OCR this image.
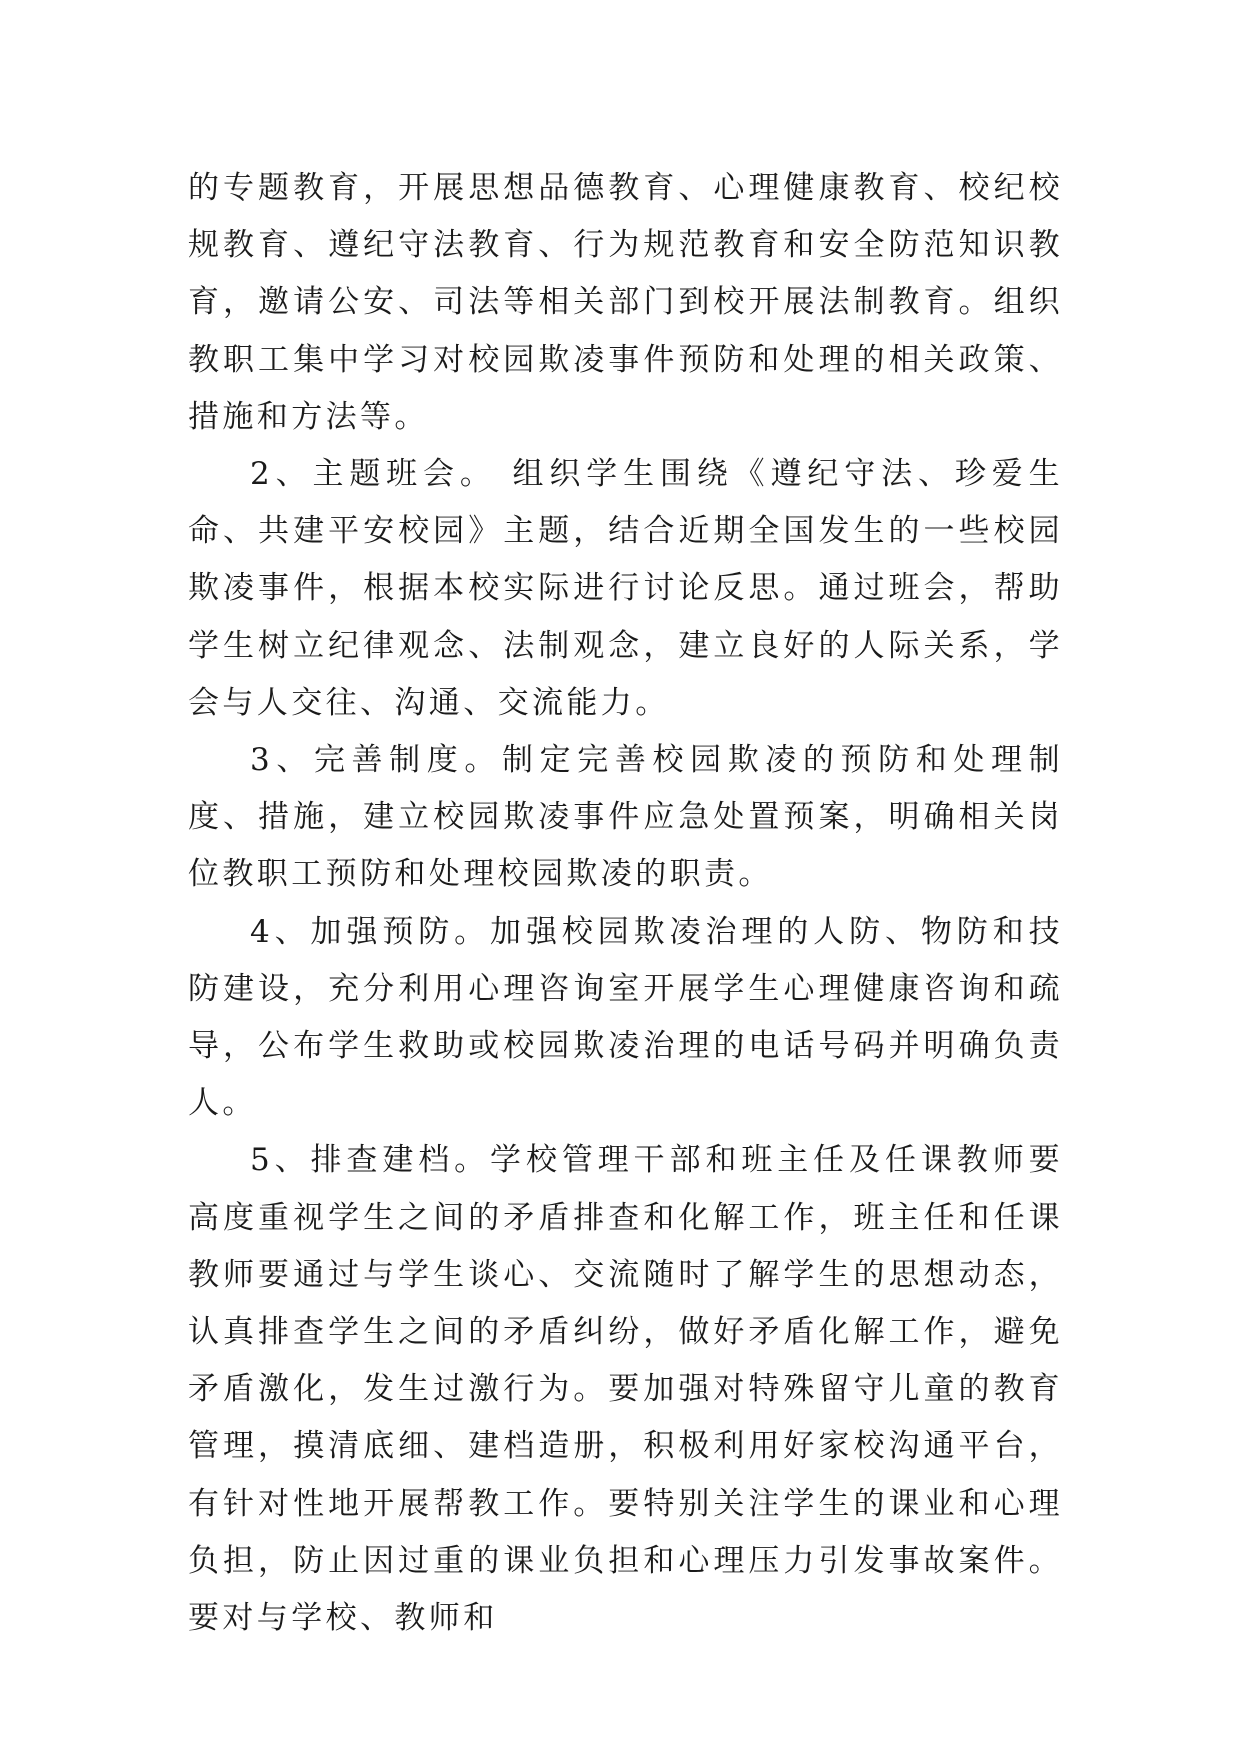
的专题教育，开展思想品德教育、心理健康教育、校纪校规教育、遵纪守法教育、行为规范教育和安全防范知识教育，邀请公安、司法等相关部门到校开展法制教育。组织教职工集中学习对校园欺凌事件预防和处理的相关政策、措施和方法等。

2、主题班会。 组织学生围绕《遵纪守法、珍爱生命、共建平安校园》主题，结合近期全国发生的一些校园欺凌事件，根据本校实际进行讨论反思。通过班会，帮助学生树立纪律观念、法制观念，建立良好的人际关系，学会与人交往、沟通、交流能力。

3、完善制度。制定完善校园欺凌的预防和处理制度、措施，建立校园欺凌事件应急处置预案，明确相关岗位教职工预防和处理校园欺凌的职责。

4、加强预防。加强校园欺凌治理的人防、物防和技防建设，充分利用心理咨询室开展学生心理健康咨询和疏导，公布学生救助或校园欺凌治理的电话号码并明确负责人。

5、排查建档。学校管理干部和班主任及任课教师要高度重视学生之间的矛盾排查和化解工作，班主任和任课教师要通过与学生谈心、交流随时了解学生的思想动态，认真排查学生之间的矛盾纠纷，做好矛盾化解工作，避免矛盾激化，发生过激行为。要加强对特殊留守儿童的教育管理，摸清底细、建档造册，积极利用好家校沟通平台，有针对性地开展帮教工作。要特别关注学生的课业和心理负担，防止因过重的课业负担和心理压力引发事故案件。要对与学校、教师和
